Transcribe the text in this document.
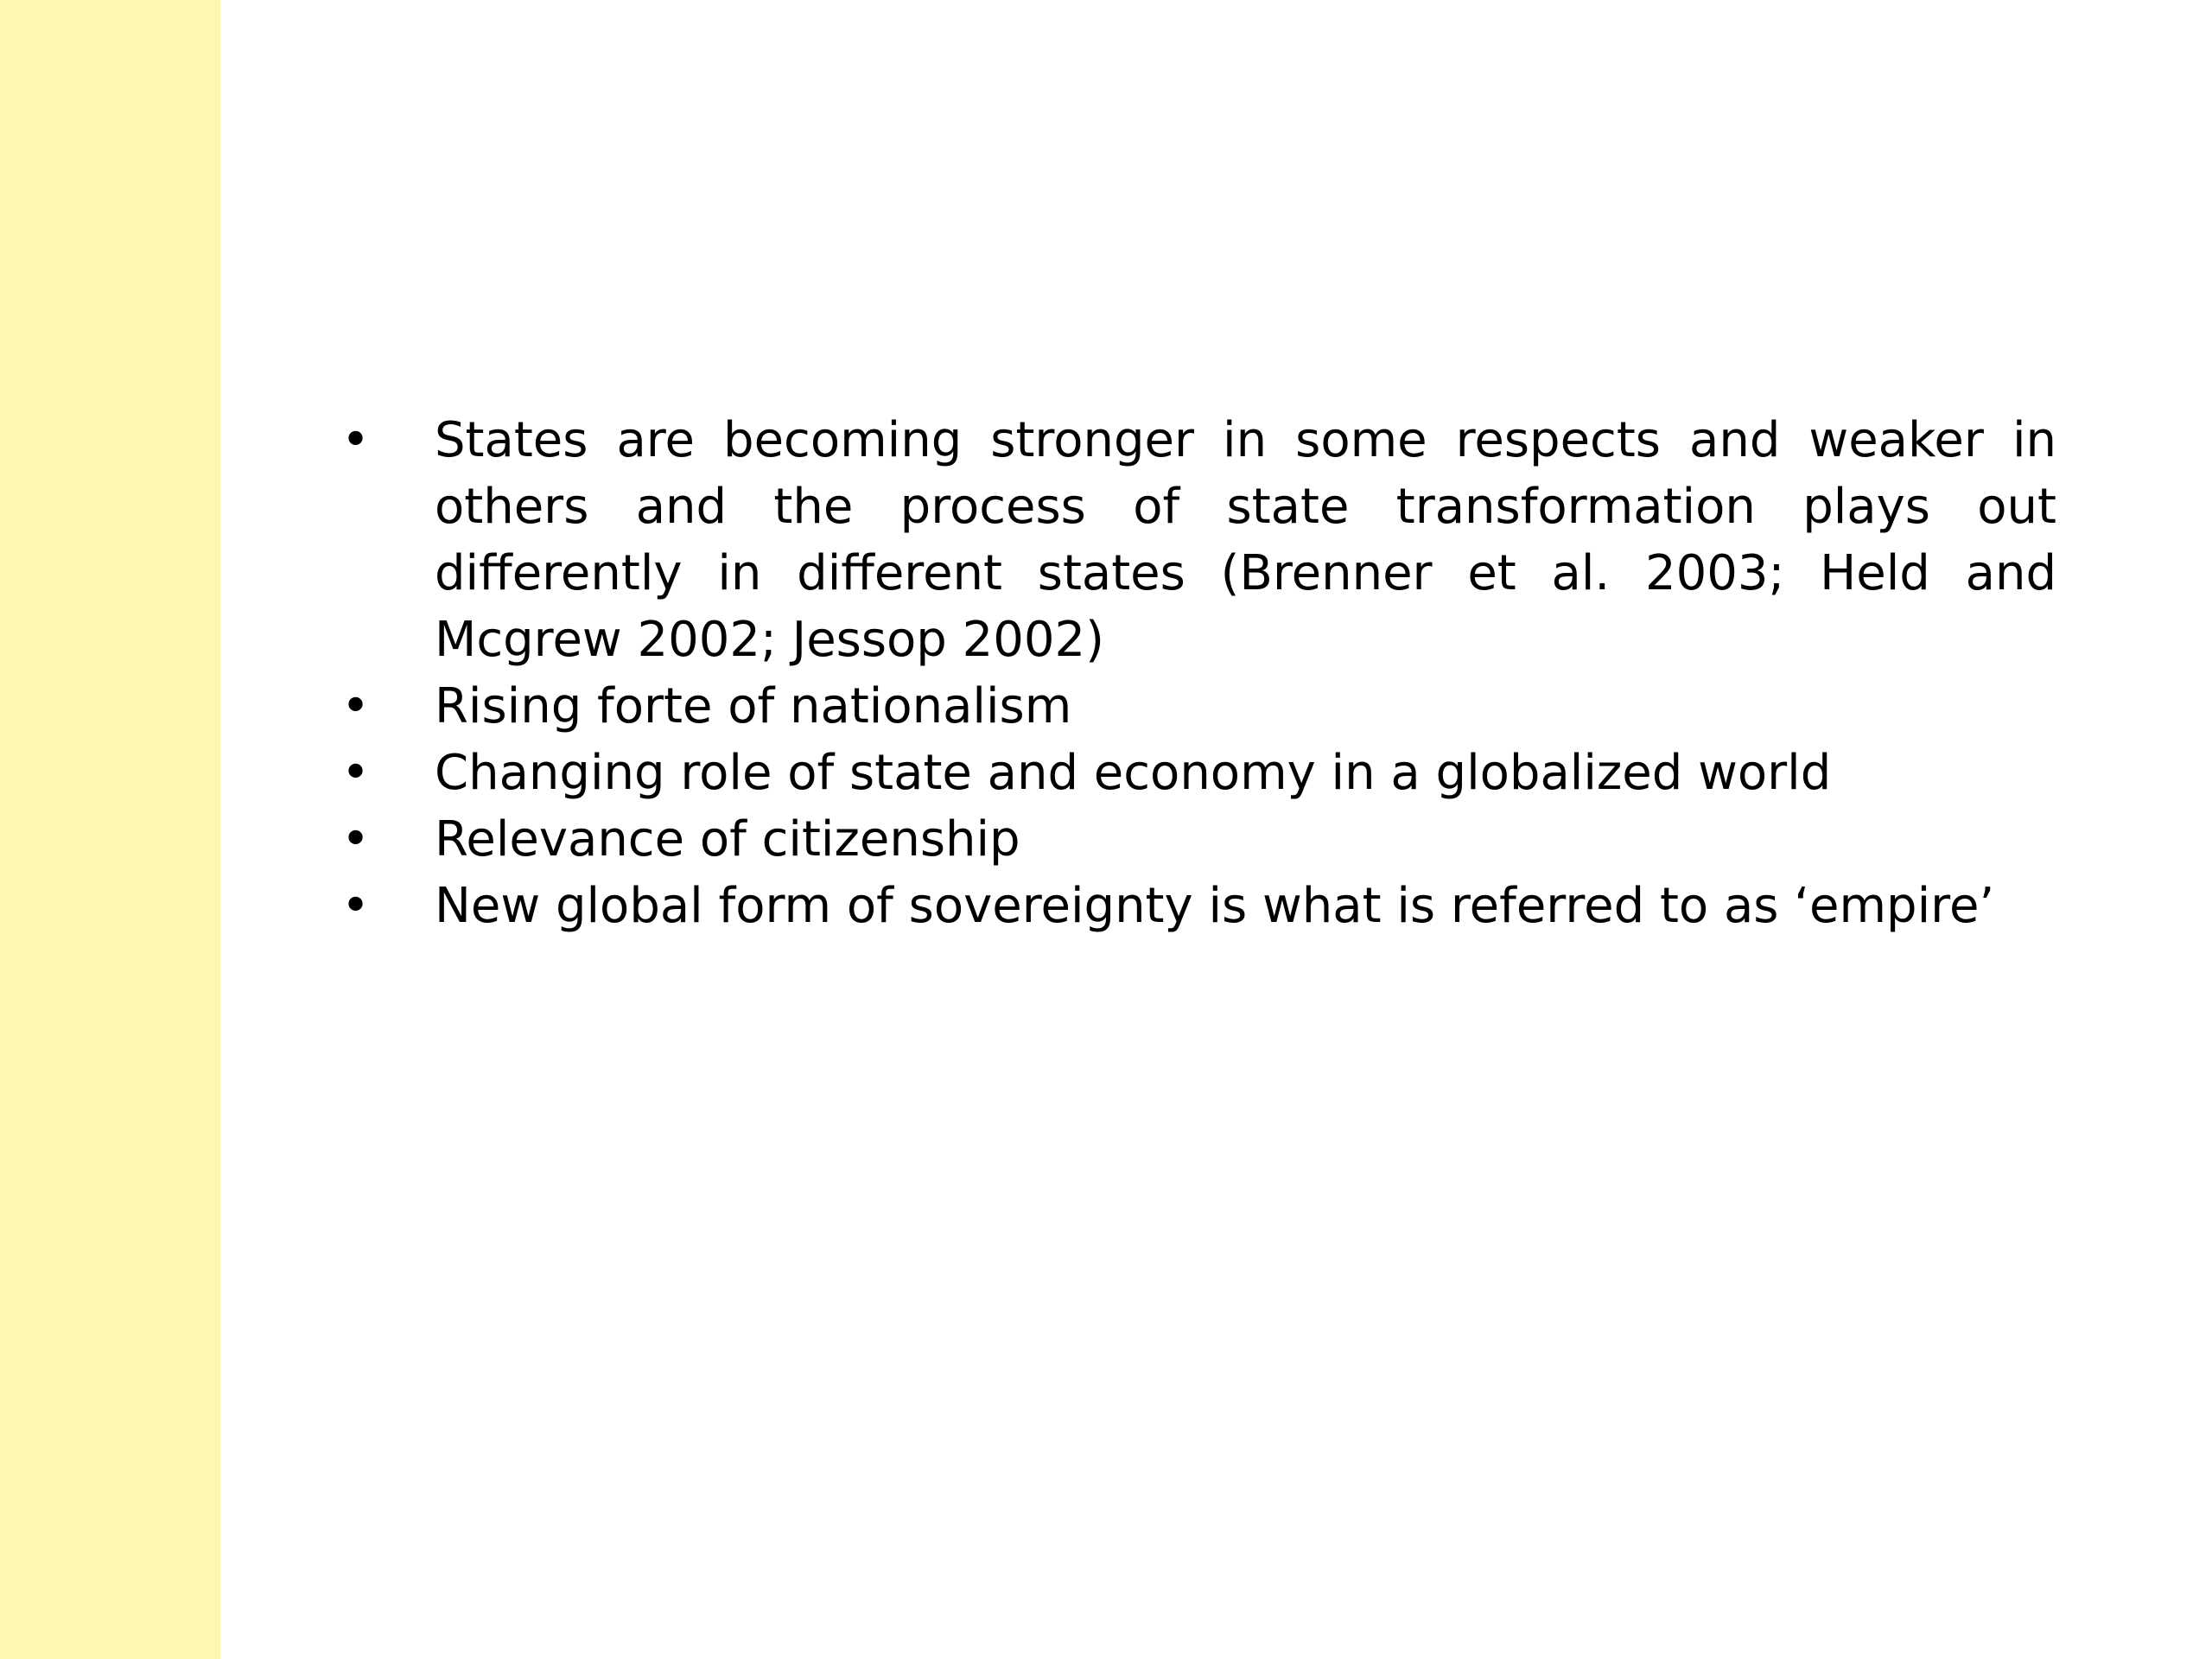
•	States are becoming stronger in some respects and weaker in others and the process of state transformation plays out differently in different states (Brenner et al. 2003; Held and Mcgrew 2002; Jessop 2002)
•	Rising forte of nationalism
•	Changing role of state and economy in a globalized world
•	Relevance of citizenship
•	New global form of sovereignty is what is referred to as ‘empire’
